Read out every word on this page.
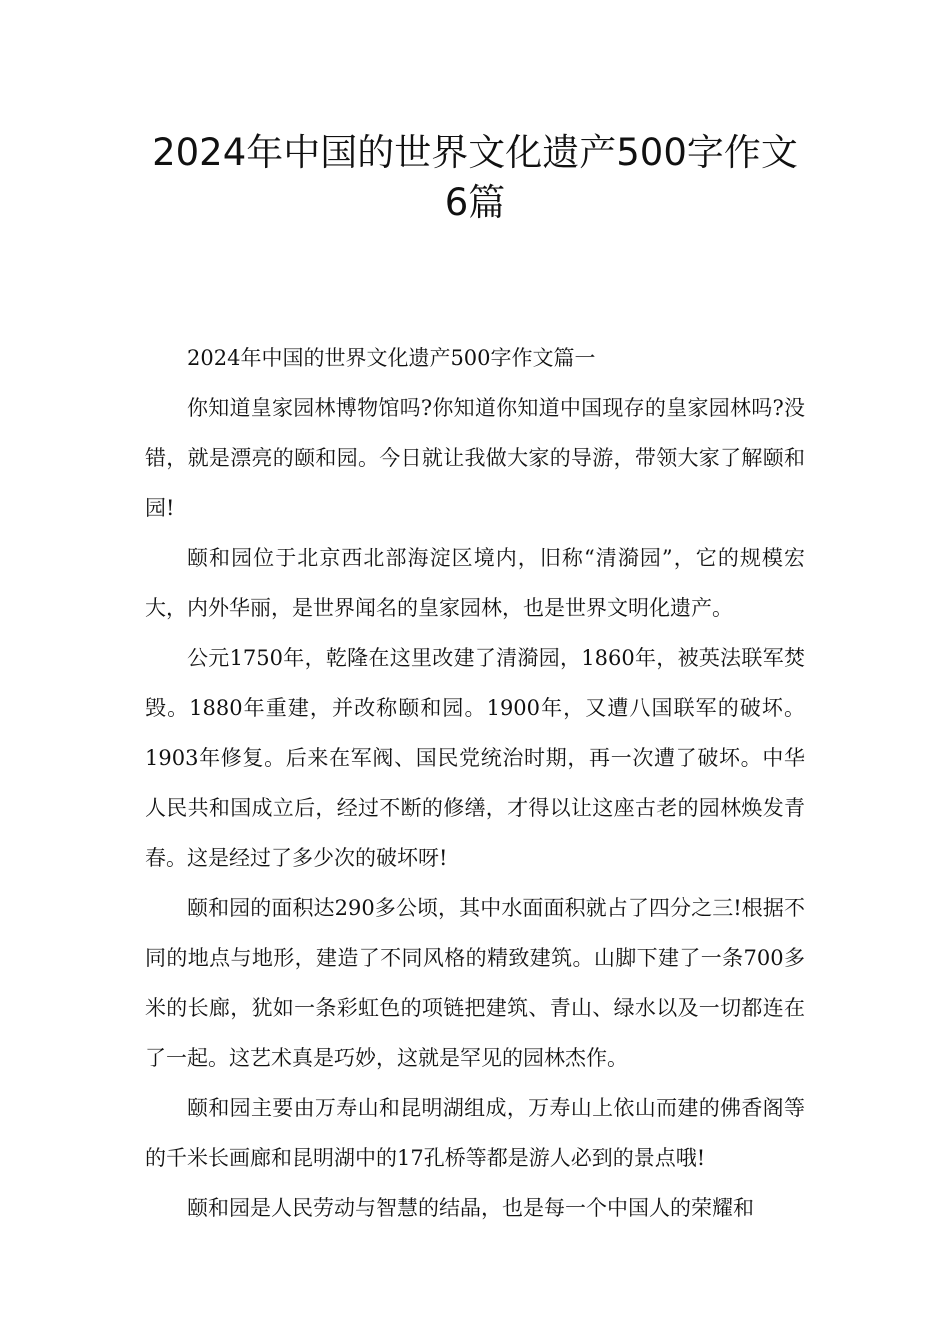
2024年中国的世界文化遗产500字作文
6篇

2024年中国的世界文化遗产500字作文篇一

你知道皇家园林博物馆吗?你知道你知道中国现存的皇家园林吗?没错，就是漂亮的颐和园。今日就让我做大家的导游，带领大家了解颐和园!

颐和园位于北京西北部海淀区境内，旧称“清漪园”，它的规模宏大，内外华丽，是世界闻名的皇家园林，也是世界文明化遗产。

公元1750年，乾隆在这里改建了清漪园，1860年，被英法联军焚毁。1880年重建，并改称颐和园。1900年，又遭八国联军的破坏。1903年修复。后来在军阀、国民党统治时期，再一次遭了破坏。中华人民共和国成立后，经过不断的修缮，才得以让这座古老的园林焕发青春。这是经过了多少次的破坏呀!

颐和园的面积达290多公顷，其中水面面积就占了四分之三!根据不同的地点与地形，建造了不同风格的精致建筑。山脚下建了一条700多米的长廊，犹如一条彩虹色的项链把建筑、青山、绿水以及一切都连在了一起。这艺术真是巧妙，这就是罕见的园林杰作。

颐和园主要由万寿山和昆明湖组成，万寿山上依山而建的佛香阁等的千米长画廊和昆明湖中的17孔桥等都是游人必到的景点哦!

颐和园是人民劳动与智慧的结晶，也是每一个中国人的荣耀和
